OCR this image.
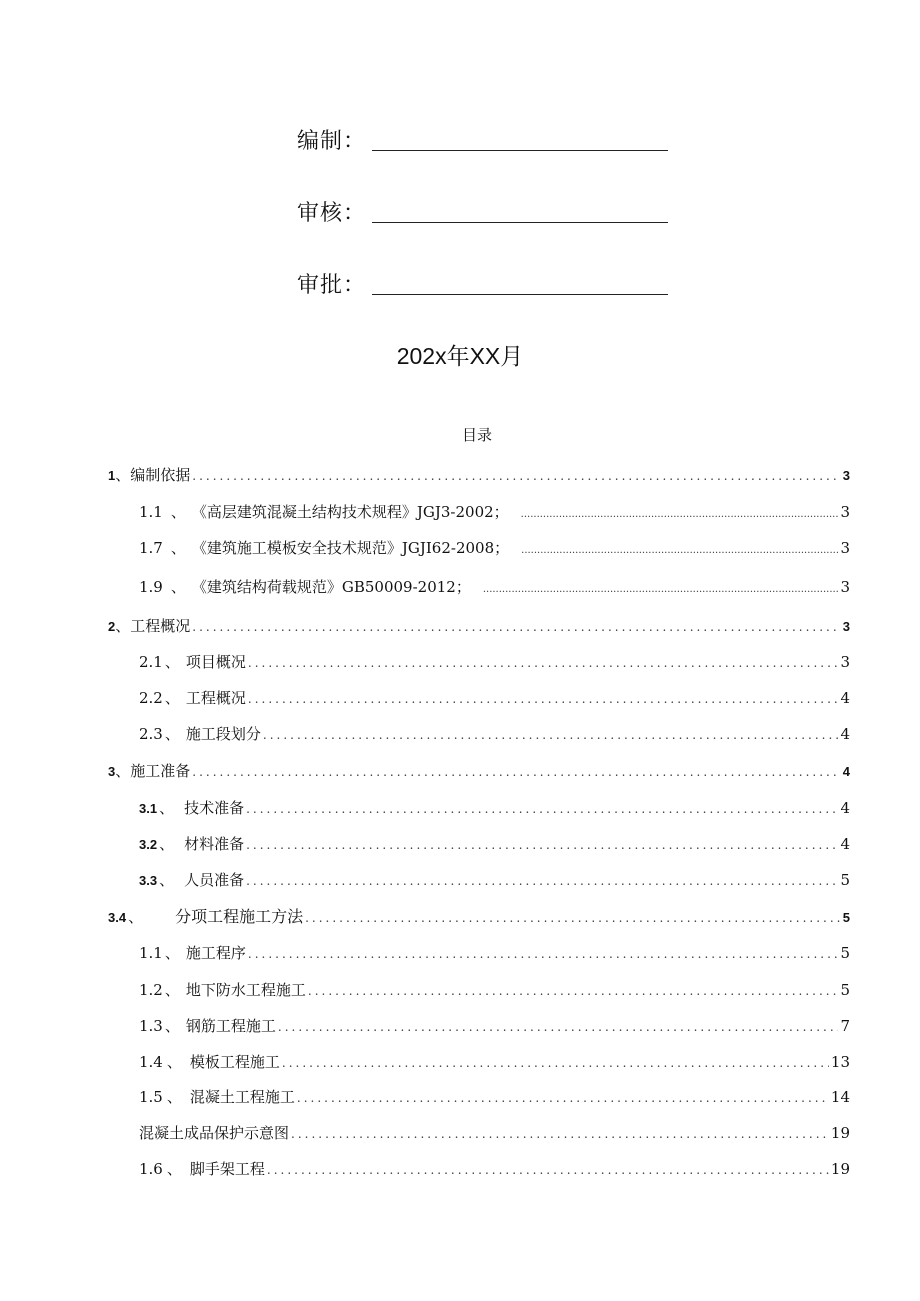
编制：
审核：
审批：
202x年XX月
目录
1 、 编制依据 .....	3
1.1 、 《高层建筑混凝土结构技术规程》JGJ3-2002； .....	3
1.7 、 《建筑施工模板安全技术规范》JGJI62-2008； .....	3
1.9 、 《建筑结构荷载规范》GB50009-2012； .....	3
2 、 工程概况 .....	3
2.1 、 项目概况 .....	3
2.2 、 工程概况 .....	4
2.3 、 施工段划分 .....	4
3 、 施工准备 .....	4
3.1 、 技术准备 .....	4
3.2 、 材料准备 .....	4
3.3 、 人员准备 .....	5
3.4 、 分项工程施工方法 .....	5
1.1 、 施工程序 .....	5
1.2 、 地下防水工程施工 .....	5
1.3 、 钢筋工程施工 .....	7
1.4 、 模板工程施工 .....	13
1.5 、 混凝土工程施工 .....	14
混凝土成品保护示意图 .....	19
1.6 、 脚手架工程 .....	19
